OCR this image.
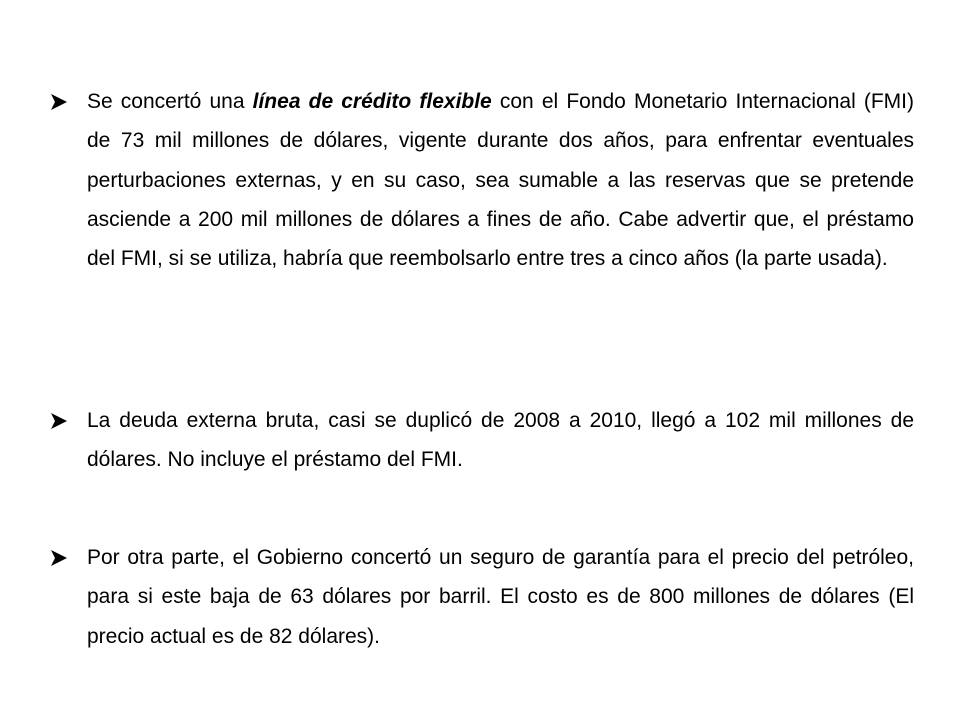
Se concertó una línea de crédito flexible con el Fondo Monetario Internacional (FMI) de 73 mil millones de dólares, vigente durante dos años, para enfrentar eventuales perturbaciones externas, y en su caso, sea sumable a las reservas que se pretende asciende a 200 mil millones de dólares a fines de año. Cabe advertir que, el préstamo del FMI, si se utiliza, habría que reembolsarlo entre tres a cinco años (la parte usada).
La deuda externa bruta, casi se duplicó de 2008 a 2010, llegó a 102 mil millones de dólares. No incluye el préstamo del FMI.
Por otra parte, el Gobierno concertó un seguro de garantía para el precio del petróleo, para si este baja de 63 dólares por barril. El costo es de 800 millones de dólares (El precio actual es de 82 dólares).
